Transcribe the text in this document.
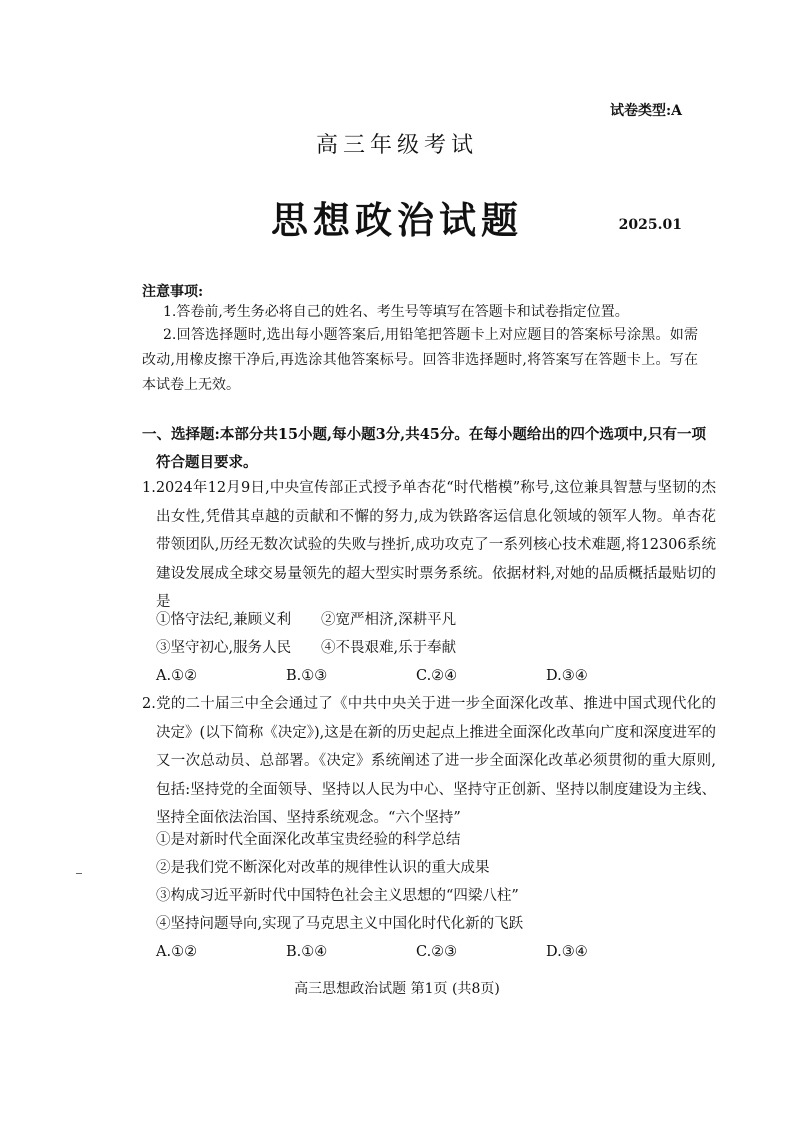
试卷类型:A
高三年级考试
思想政治试题	2025.01
注意事项:
1.答卷前,考生务必将自己的姓名、考生号等填写在答题卡和试卷指定位置。
2.回答选择题时,选出每小题答案后,用铅笔把答题卡上对应题目的答案标号涂黑。如需改动,用橡皮擦干净后,再选涂其他答案标号。回答非选择题时,将答案写在答题卡上。写在本试卷上无效。
一、选择题:本部分共15小题,每小题3分,共45分。在每小题给出的四个选项中,只有一项符合题目要求。
1.2024年12月9日,中央宣传部正式授予单杏花“时代楷模”称号,这位兼具智慧与坚韧的杰出女性,凭借其卓越的贡献和不懈的努力,成为铁路客运信息化领域的领军人物。单杏花带领团队,历经无数次试验的失败与挫折,成功攻克了一系列核心技术难题,将12306系统建设发展成全球交易量领先的超大型实时票务系统。依据材料,对她的品质概括最贴切的是
①恪守法纪,兼顾义利 ②宽严相济,深耕平凡
③坚守初心,服务人民 ④不畏艰难,乐于奉献
A.①②	B.①③	C.②④	D.③④
2.党的二十届三中全会通过了《中共中央关于进一步全面深化改革、推进中国式现代化的决定》(以下简称《决定》),这是在新的历史起点上推进全面深化改革向广度和深度进军的又一次总动员、总部署。《决定》系统阐述了进一步全面深化改革必须贯彻的重大原则,包括:坚持党的全面领导、坚持以人民为中心、坚持守正创新、坚持以制度建设为主线、坚持全面依法治国、坚持系统观念。“六个坚持”
①是对新时代全面深化改革宝贵经验的科学总结
②是我们党不断深化对改革的规律性认识的重大成果
③构成习近平新时代中国特色社会主义思想的“四梁八柱”
④坚持问题导向,实现了马克思主义中国化时代化新的飞跃
A.①②	B.①④	C.②③	D.③④
高三思想政治试题 第1页 (共8页)
